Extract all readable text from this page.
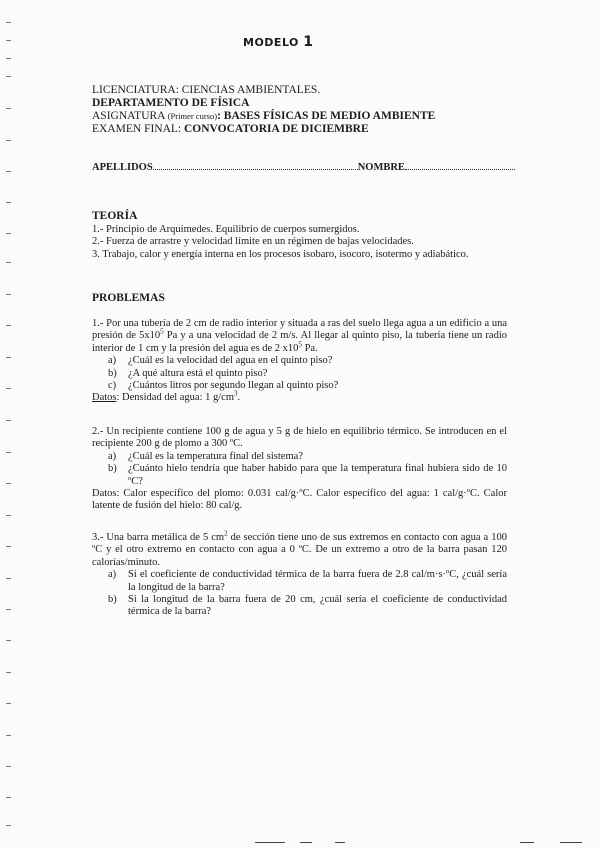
MODELO 1
LICENCIATURA: CIENCIAS AMBIENTALES.
DEPARTAMENTO DE FÍSICA
ASIGNATURA (Primer curso): BASES FÍSICAS DE MEDIO AMBIENTE
EXAMEN FINAL: CONVOCATORIA DE DICIEMBRE
APELLIDOS	NOMBRE
TEORÍA

1.- Principio de Arquímedes. Equilibrio de cuerpos sumergidos.

2.- Fuerza de arrastre y velocidad límite en un régimen de bajas velocidades.

3. Trabajo, calor y energía interna en los procesos isobaro, isocoro, isotermo y adiabático.

PROBLEMAS

1.- Por una tubería de 2 cm de radio interior y situada a ras del suelo llega agua a un edificio a una presión de $5x10^5$ Pa y a una velocidad de 2 m/s. Al llegar al quinto piso, la tubería tiene un radio interior de 1 cm y la presión del agua es de 2 $x10^5$ Pa.

a) ¿Cuál es la velocidad del agua en el quinto piso?
b) ¿A qué altura está el quinto piso?
c) ¿Cuántos litros por segundo llegan al quinto piso?

Datos: Densidad del agua: 1 $g/cm^3$.

2.- Un recipiente contiene 100 g de agua y 5 g de hielo en equilibrio térmico. Se introducen en el recipiente 200 g de plomo a 300 ºC.

a) ¿Cuál es la temperatura final del sistema?
b) ¿Cuánto hielo tendría que haber habido para que la temperatura final hubiera sido de 10 ºC?

Datos: Calor específico del plomo: 0.031 cal/g·ºC. Calor específico del agua: 1 cal/g·ºC. Calor latente de fusión del hielo: 80 cal/g.

3.- Una barra metálica de 5 $cm^2$ de sección tiene uno de sus extremos en contacto con agua a 100 ºC y el otro extremo en contacto con agua a 0 ºC. De un extremo a otro de la barra pasan 120 calorías/minuto.

a) Si el coeficiente de conductividad térmica de la barra fuera de 2.8 cal/m·s·ºC, ¿cuál sería la longitud de la barra?
b) Si la longitud de la barra fuera de 20 cm, ¿cuál sería el coeficiente de conductividad térmica de la barra?
